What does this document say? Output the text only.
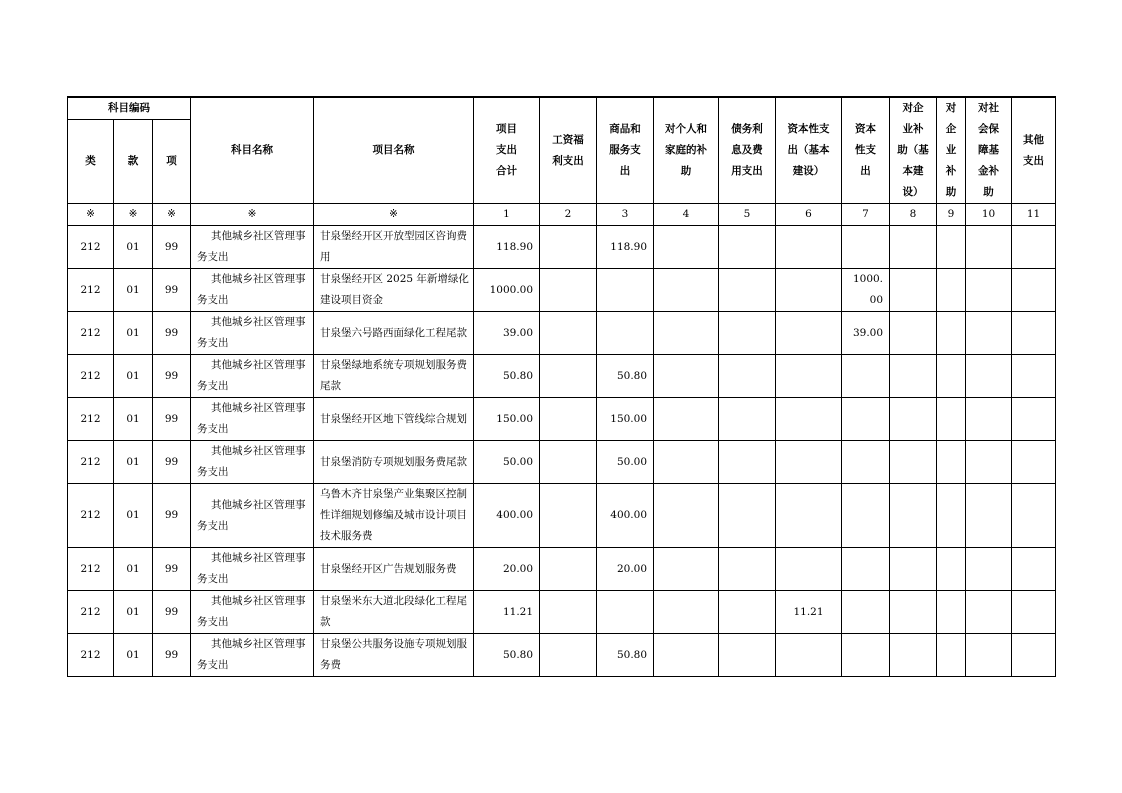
科目编码			科目名称	项目名称	项目
支出
合计	工资福
利支出	商品和
服务支
出	对个人和
家庭的补
助	债务利
息及费
用支出	资本性支
出（基本
建设）	资本
性支
出	对企
业补
助（基
本建
设）	对
企
业
补
助	对社
会保
障基
金补
助	其他
支出
类	款	项													
※	※	※	※	※	1	2	3	4	5	6	7	8	9	10	11
212	01	99	其他城乡社区管理事务支出	甘泉堡经开区开放型园区咨询费用	118.90		118.90								
212	01	99	其他城乡社区管理事务支出	甘泉堡经开区 2025 年新增绿化建设项目资金	1000.00						1000.
00				
212	01	99	其他城乡社区管理事务支出	甘泉堡六号路西面绿化工程尾款	39.00						39.00				
212	01	99	其他城乡社区管理事务支出	甘泉堡绿地系统专项规划服务费尾款	50.80		50.80								
212	01	99	其他城乡社区管理事务支出	甘泉堡经开区地下管线综合规划	150.00		150.00								
212	01	99	其他城乡社区管理事务支出	甘泉堡消防专项规划服务费尾款	50.00		50.00								
212	01	99	其他城乡社区管理事务支出	乌鲁木齐甘泉堡产业集聚区控制性详细规划修编及城市设计项目技术服务费	400.00		400.00								
212	01	99	其他城乡社区管理事务支出	甘泉堡经开区广告规划服务费	20.00		20.00								
212	01	99	其他城乡社区管理事务支出	甘泉堡米东大道北段绿化工程尾款	11.21					11.21					
212	01	99	其他城乡社区管理事务支出	甘泉堡公共服务设施专项规划服务费	50.80		50.80								
